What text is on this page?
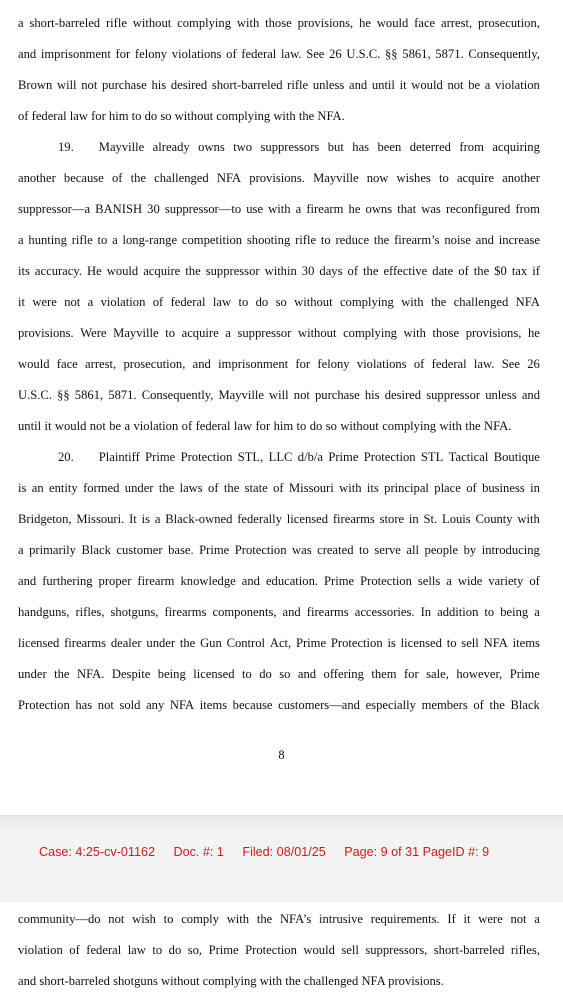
a short-barreled rifle without complying with those provisions, he would face arrest, prosecution,
and imprisonment for felony violations of federal law. See 26 U.S.C. §§ 5861, 5871. Consequently,
Brown will not purchase his desired short-barreled rifle unless and until it would not be a violation
of federal law for him to do so without complying with the NFA.
19. Mayville already owns two suppressors but has been deterred from acquiring
another because of the challenged NFA provisions. Mayville now wishes to acquire another
suppressor—a BANISH 30 suppressor—to use with a firearm he owns that was reconfigured from
a hunting rifle to a long-range competition shooting rifle to reduce the firearm’s noise and increase
its accuracy. He would acquire the suppressor within 30 days of the effective date of the $0 tax if
it were not a violation of federal law to do so without complying with the challenged NFA
provisions. Were Mayville to acquire a suppressor without complying with those provisions, he
would face arrest, prosecution, and imprisonment for felony violations of federal law. See 26
U.S.C. §§ 5861, 5871. Consequently, Mayville will not purchase his desired suppressor unless and
until it would not be a violation of federal law for him to do so without complying with the NFA.
20. Plaintiff Prime Protection STL, LLC d/b/a Prime Protection STL Tactical Boutique
is an entity formed under the laws of the state of Missouri with its principal place of business in
Bridgeton, Missouri. It is a Black-owned federally licensed firearms store in St. Louis County with
a primarily Black customer base. Prime Protection was created to serve all people by introducing
and furthering proper firearm knowledge and education. Prime Protection sells a wide variety of
handguns, rifles, shotguns, firearms components, and firearms accessories. In addition to being a
licensed firearms dealer under the Gun Control Act, Prime Protection is licensed to sell NFA items
under the NFA. Despite being licensed to do so and offering them for sale, however, Prime
Protection has not sold any NFA items because customers—and especially members of the Black
8
Case: 4:25-cv-01162 Doc. #: 1 Filed: 08/01/25 Page: 9 of 31 PageID #: 9
community—do not wish to comply with the NFA’s intrusive requirements. If it were not a
violation of federal law to do so, Prime Protection would sell suppressors, short-barreled rifles,
and short-barreled shotguns without complying with the challenged NFA provisions.
